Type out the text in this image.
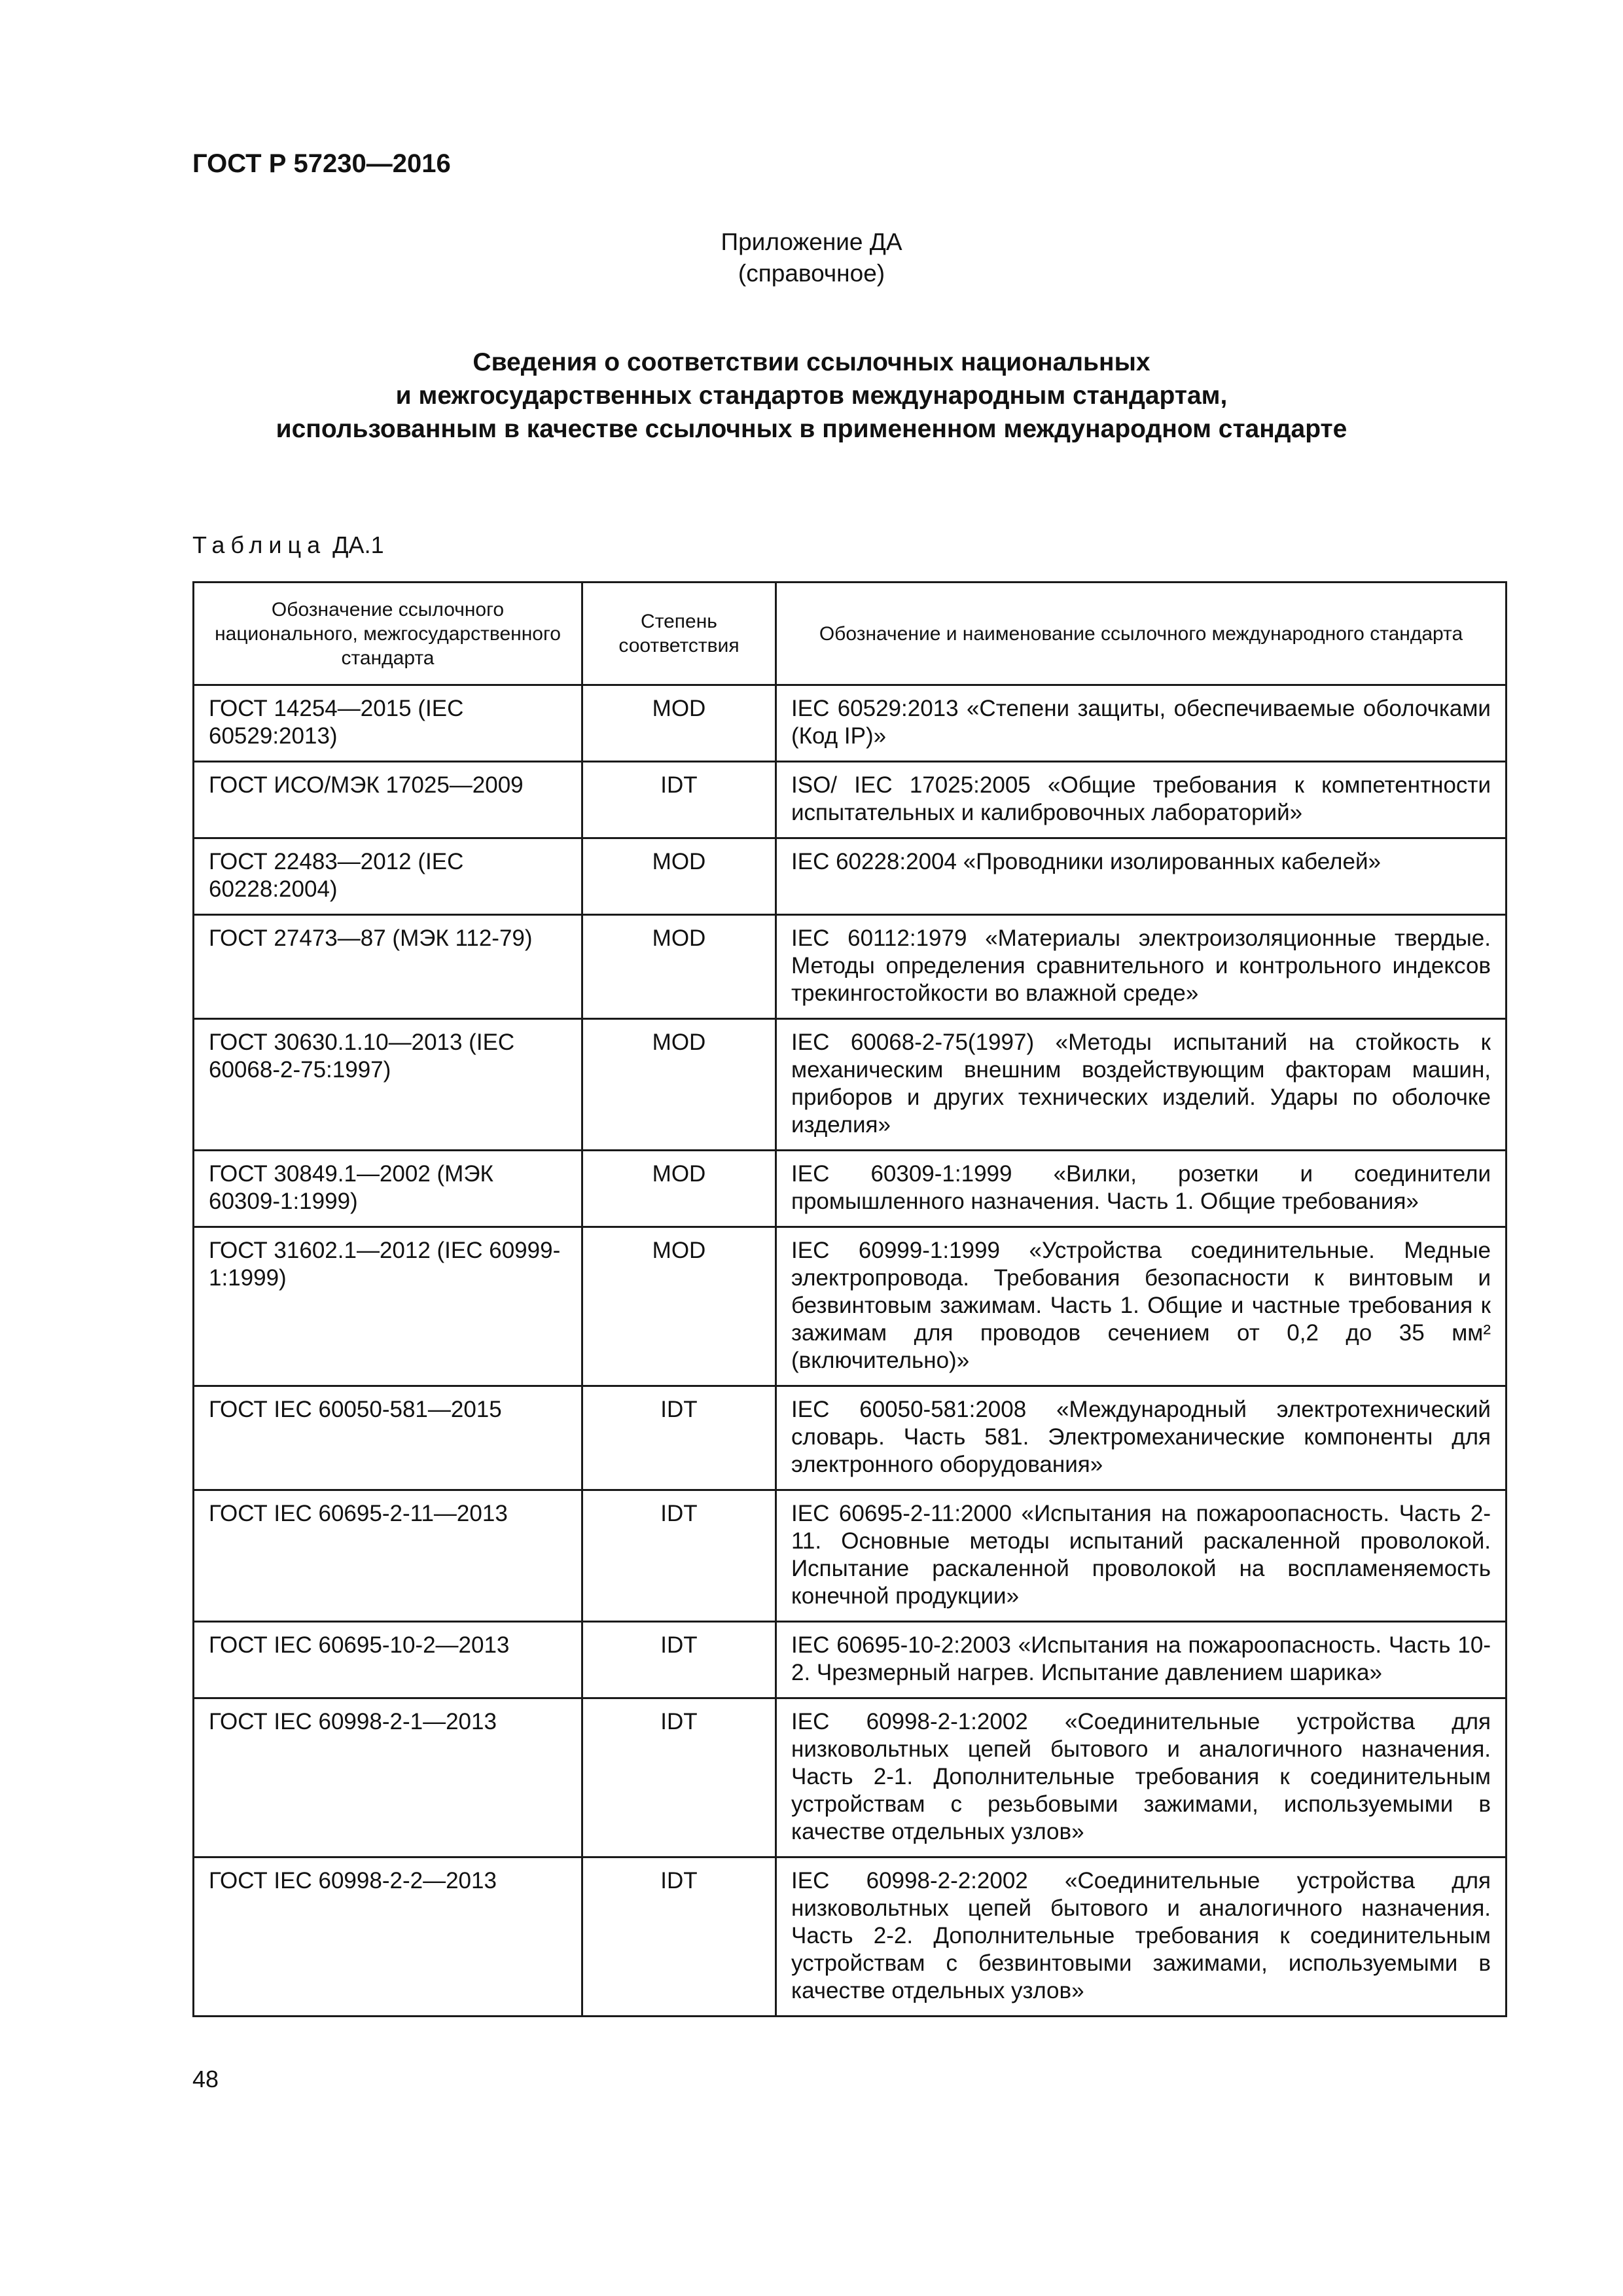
ГОСТ Р 57230—2016
Приложение ДА
(справочное)
Сведения о соответствии ссылочных национальных
и межгосударственных стандартов международным стандартам,
использованным в качестве ссылочных в примененном международном стандарте
Таблица ДА.1
Обозначение ссылочного национального, межгосударственного стандарта	Степень соответствия	Обозначение и наименование ссылочного международного стандарта
ГОСТ 14254—2015 (IEC 60529:2013)	MOD	IEC 60529:2013 «Степени защиты, обеспечиваемые оболочками (Код IP)»
ГОСТ ИСО/МЭК 17025—2009	IDT	ISO/ IEC 17025:2005 «Общие требования к компетентности испытательных и калибровочных лабораторий»
ГОСТ 22483—2012 (IEC 60228:2004)	MOD	IEC 60228:2004 «Проводники изолированных кабелей»
ГОСТ 27473—87 (МЭК 112-79)	MOD	IEC 60112:1979 «Материалы электроизоляционные твердые. Методы определения сравнительного и контрольного индексов трекингостойкости во влажной среде»
ГОСТ 30630.1.10—2013 (IEC 60068-2-75:1997)	MOD	IEC 60068-2-75(1997) «Методы испытаний на стойкость к механическим внешним воздействующим факторам машин, приборов и других технических изделий. Удары по оболочке изделия»
ГОСТ 30849.1—2002 (МЭК 60309-1:1999)	MOD	IEC 60309-1:1999 «Вилки, розетки и соединители промышленного назначения. Часть 1. Общие требования»
ГОСТ 31602.1—2012 (IEC 60999-1:1999)	MOD	IEC 60999-1:1999 «Устройства соединительные. Медные электропровода. Требования безопасности к винтовым и безвинтовым зажимам. Часть 1. Общие и частные требования к зажимам для проводов сечением от 0,2 до 35 мм² (включительно)»
ГОСТ IEC 60050-581—2015	IDT	IEC 60050-581:2008 «Международный электротехнический словарь. Часть 581. Электромеханические компоненты для электронного оборудования»
ГОСТ IEC 60695-2-11—2013	IDT	IEC 60695-2-11:2000 «Испытания на пожароопасность. Часть 2-11. Основные методы испытаний раскаленной проволокой. Испытание раскаленной проволокой на воспламеняемость конечной продукции»
ГОСТ IEC 60695-10-2—2013	IDT	IEC 60695-10-2:2003 «Испытания на пожароопасность. Часть 10-2. Чрезмерный нагрев. Испытание давлением шарика»
ГОСТ IEC 60998-2-1—2013	IDT	IEC 60998-2-1:2002 «Соединительные устройства для низковольтных цепей бытового и аналогичного назначения. Часть 2-1. Дополнительные требования к соединительным устройствам с резьбовыми зажимами, используемыми в качестве отдельных узлов»
ГОСТ IEC 60998-2-2—2013	IDT	IEC 60998-2-2:2002 «Соединительные устройства для низковольтных цепей бытового и аналогичного назначения. Часть 2-2. Дополнительные требования к соединительным устройствам с безвинтовыми зажимами, используемыми в качестве отдельных узлов»
48
